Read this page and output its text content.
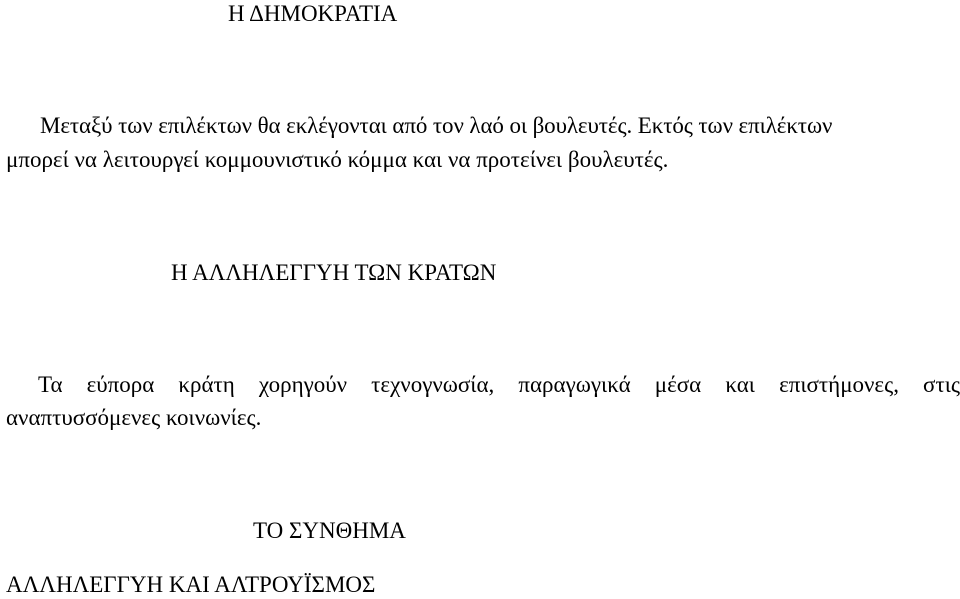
Η ΔΗΜΟΚΡΑΤΙΑ

Μεταξύ των επιλέκτων θα εκλέγονται από τον λαό οι βουλευτές. Εκτός των επιλέκτων

μπορεί να λειτουργεί κομμουνιστικό κόμμα και να προτείνει βουλευτές.

Η ΑΛΛΗΛΕΓΓΥΗ ΤΩΝ ΚΡΑΤΩΝ

Τα εύπορα κράτη χορηγούν τεχνογνωσία, παραγωγικά μέσα και επιστήμονες, στις

αναπτυσσόμενες κοινωνίες.

ΤΟ ΣΥΝΘΗΜΑ
ΑΛΛΗΛΕΓΓΥΗ ΚΑΙ ΑΛΤΡΟΥΪΣΜΟΣ
